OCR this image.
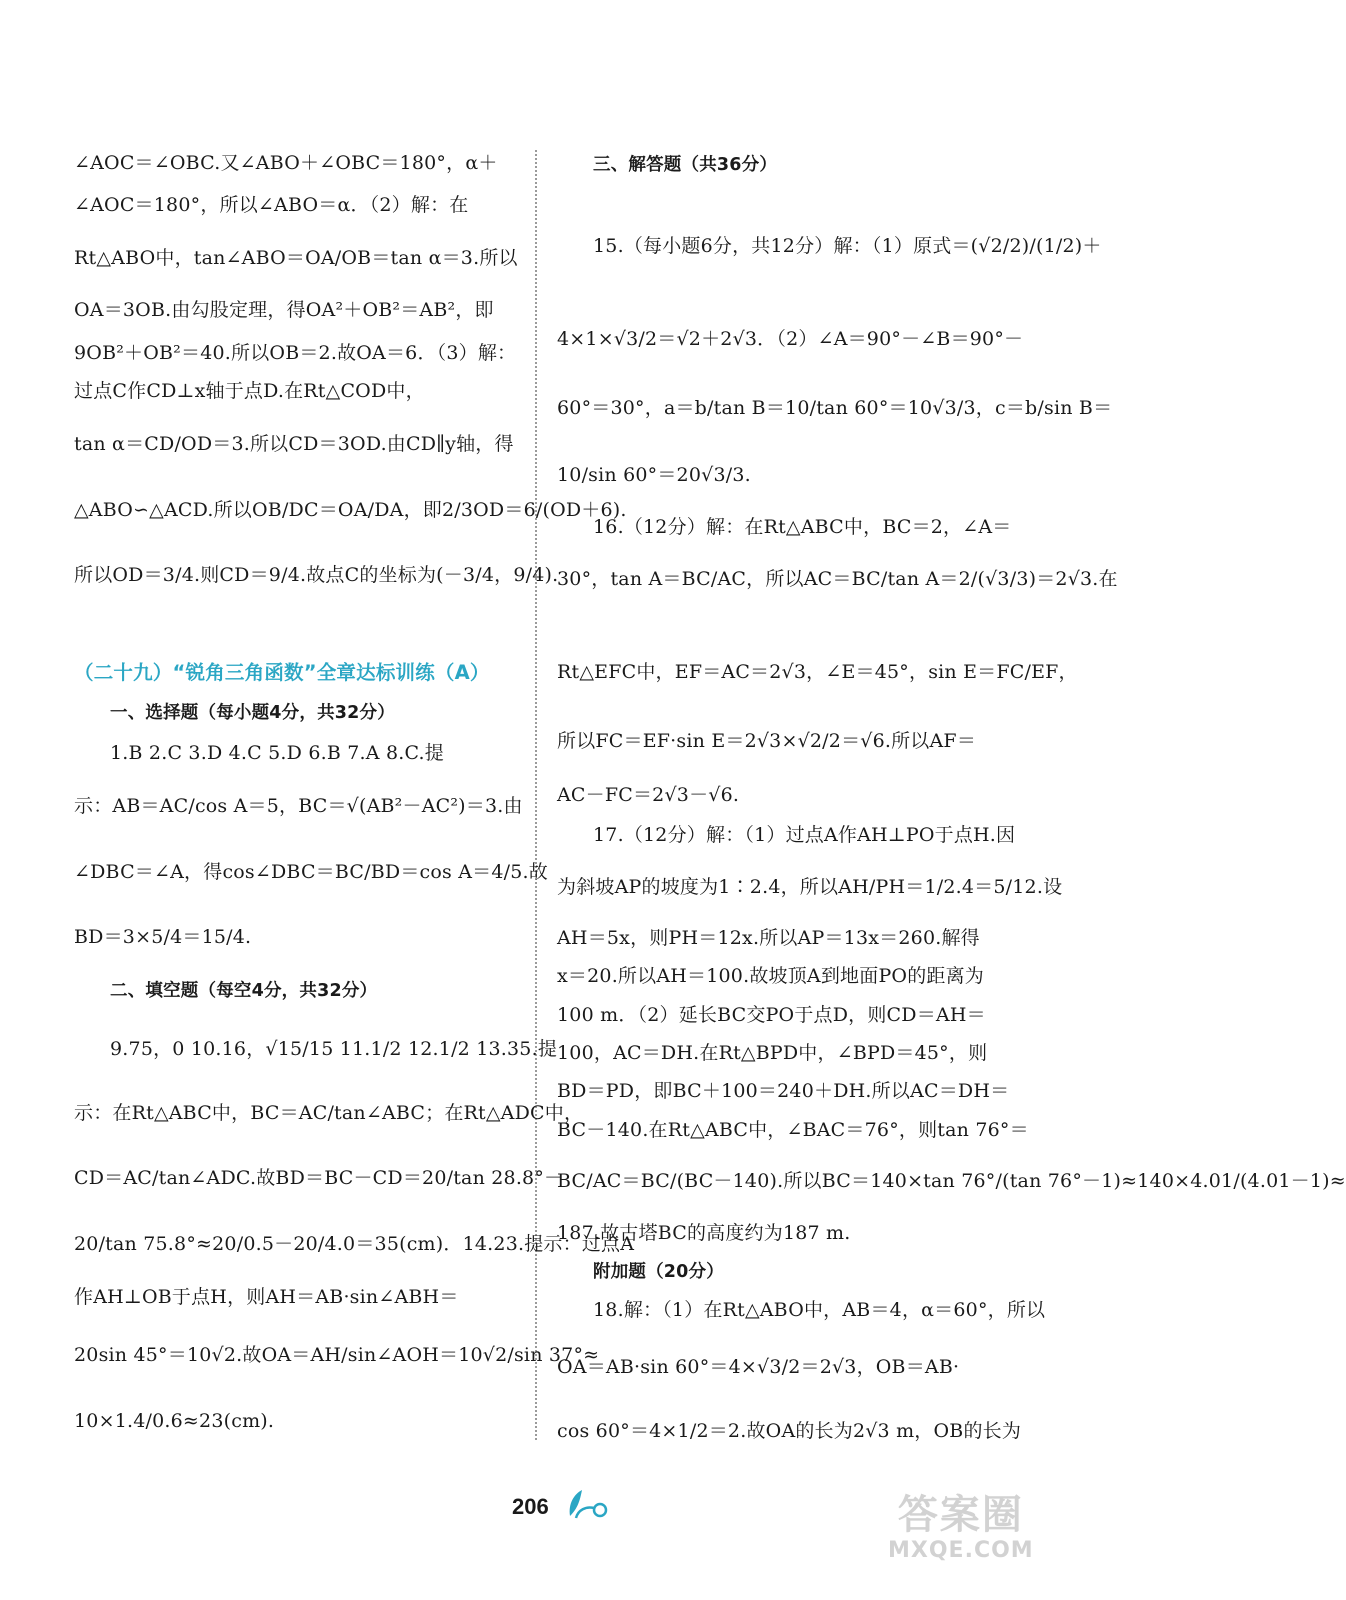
∠AOC＝∠OBC.又∠ABO＋∠OBC＝180°，α＋
∠AOC＝180°，所以∠ABO＝α．（2）解：在
Rt△ABO中，tan∠ABO＝OA/OB＝tan α＝3.所以
OA＝3OB.由勾股定理，得OA²＋OB²＝AB²，即
9OB²＋OB²＝40.所以OB＝2.故OA＝6．（3）解：
过点C作CD⊥x轴于点D.在Rt△COD中，
tan α＝CD/OD＝3.所以CD＝3OD.由CD∥y轴，得
△ABO∽△ACD.所以OB/DC＝OA/DA，即2/3OD＝6/(OD＋6).
所以OD＝3/4.则CD＝9/4.故点C的坐标为(－3/4，9/4).
（二十九）“锐角三角函数”全章达标训练（A）
一、选择题（每小题4分，共32分）
1.B 2.C 3.D 4.C 5.D 6.B 7.A 8.C.提
示：AB＝AC/cos A＝5，BC＝√(AB²－AC²)＝3.由
∠DBC＝∠A，得cos∠DBC＝BC/BD＝cos A＝4/5.故
BD＝3×5/4＝15/4.
二、填空题（每空4分，共32分）
9.75，0 10.16，√15/15 11.1/2 12.1/2 13.35.提
示：在Rt△ABC中，BC＝AC/tan∠ABC；在Rt△ADC中，
CD＝AC/tan∠ADC.故BD＝BC－CD＝20/tan 28.8°－
20/tan 75.8°≈20/0.5－20/4.0＝35(cm)．14.23.提示：过点A
作AH⊥OB于点H，则AH＝AB·sin∠ABH＝
20sin 45°＝10√2.故OA＝AH/sin∠AOH＝10√2/sin 37°≈
10×1.4/0.6≈23(cm).
三、解答题（共36分）
15.（每小题6分，共12分）解：（1）原式＝(√2/2)/(1/2)＋
4×1×√3/2＝√2＋2√3．（2）∠A＝90°－∠B＝90°－
60°＝30°，a＝b/tan B＝10/tan 60°＝10√3/3，c＝b/sin B＝
10/sin 60°＝20√3/3.
16.（12分）解：在Rt△ABC中，BC＝2，∠A＝
30°，tan A＝BC/AC，所以AC＝BC/tan A＝2/(√3/3)＝2√3.在
Rt△EFC中，EF＝AC＝2√3，∠E＝45°，sin E＝FC/EF，
所以FC＝EF·sin E＝2√3×√2/2＝√6.所以AF＝
AC－FC＝2√3－√6.
17.（12分）解：（1）过点A作AH⊥PO于点H.因
为斜坡AP的坡度为1∶2.4，所以AH/PH＝1/2.4＝5/12.设
AH＝5x，则PH＝12x.所以AP＝13x＝260.解得
x＝20.所以AH＝100.故坡顶A到地面PO的距离为
100 m．（2）延长BC交PO于点D，则CD＝AH＝
100，AC＝DH.在Rt△BPD中，∠BPD＝45°，则
BD＝PD，即BC＋100＝240＋DH.所以AC＝DH＝
BC－140.在Rt△ABC中，∠BAC＝76°，则tan 76°＝
BC/AC＝BC/(BC－140).所以BC＝140×tan 76°/(tan 76°－1)≈140×4.01/(4.01－1)≈
187.故古塔BC的高度约为187 m.
附加题（20分）
18.解：（1）在Rt△ABO中，AB＝4，α＝60°，所以
OA＝AB·sin 60°＝4×√3/2＝2√3，OB＝AB·
cos 60°＝4×1/2＝2.故OA的长为2√3 m，OB的长为
206	答案圈
MXQE.COM
